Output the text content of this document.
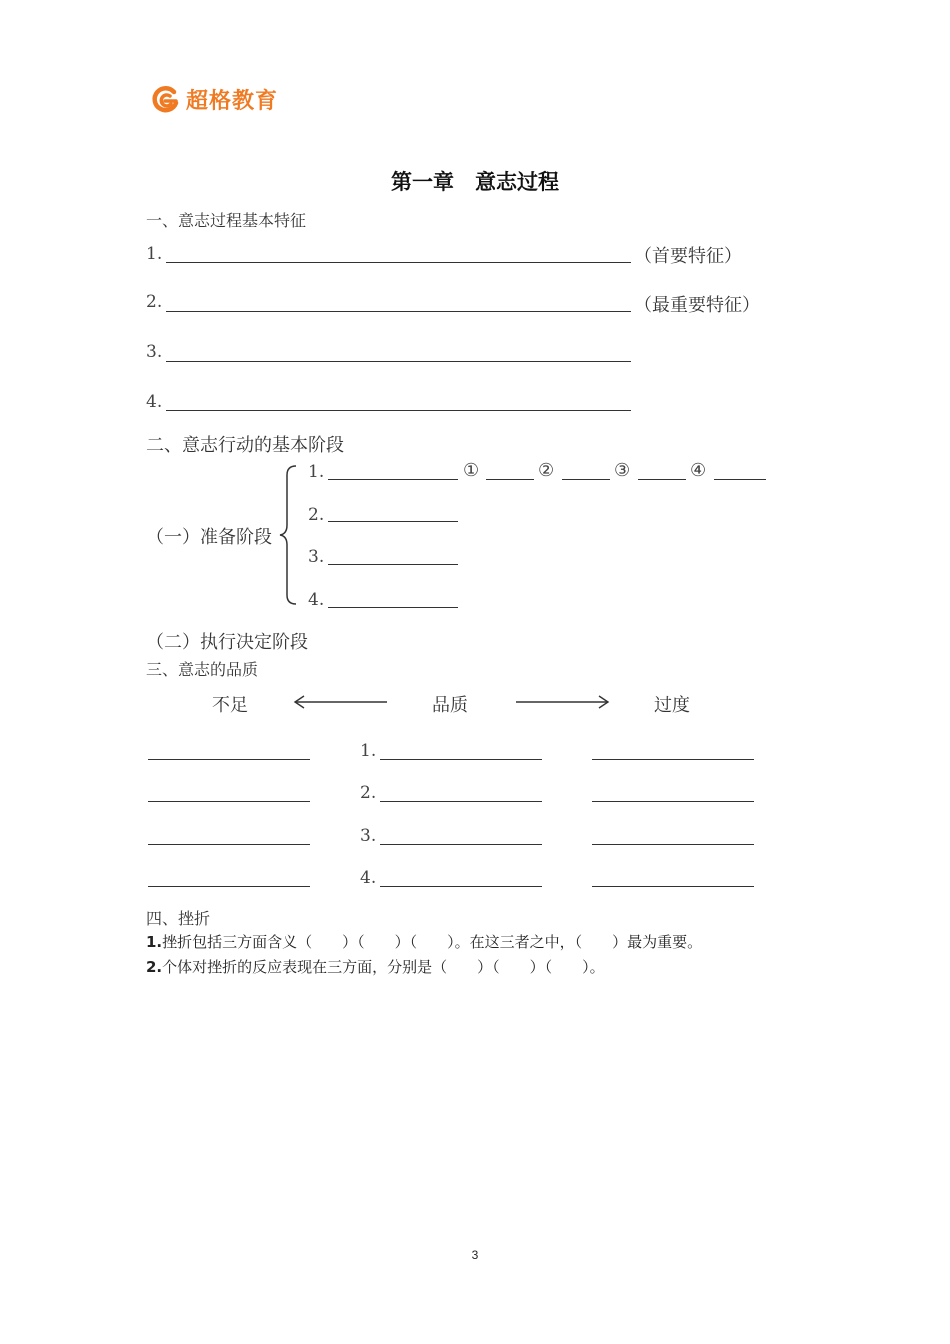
超格教育
第一章　意志过程
一、意志过程基本特征
1.	（首要特征）
2.	（最重要特征）
3.
4.
二、意志行动的基本阶段
（一）准备阶段
1.	①	②	③	④
2.
3.
4.
（二）执行决定阶段
三、意志的品质
不足	品质	过度
1.
2.
3.
4.
四、挫折
1.挫折包括三方面含义（　　）（　　）（　　）。在这三者之中，（　　）最为重要。
2.个体对挫折的反应表现在三方面，分别是（　　）（　　）（　　）。
3
